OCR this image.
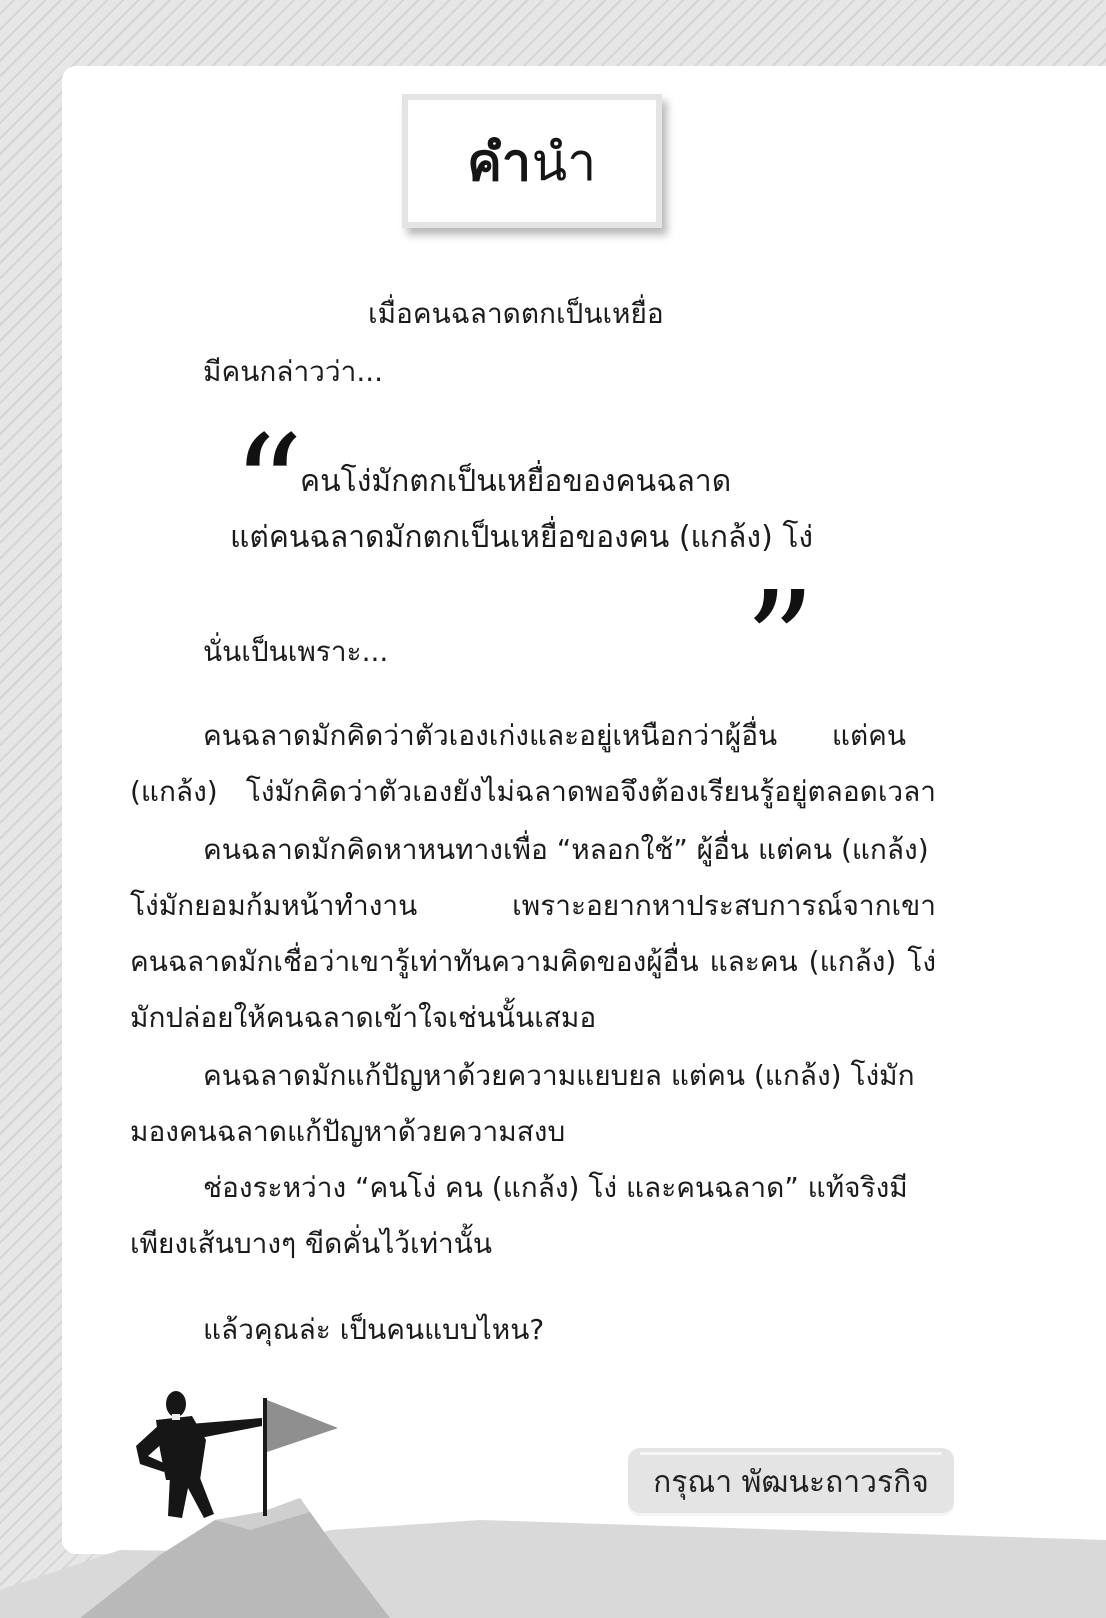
คำนำ
เมื่อคนฉลาดตกเป็นเหยื่อ
มีคนกล่าวว่า...
“
คนโง่มักตกเป็นเหยื่อของคนฉลาด
แต่คนฉลาดมักตกเป็นเหยื่อของคน (แกล้ง) โง่
”
นั่นเป็นเพราะ...
คนฉลาดมักคิดว่าตัวเองเก่งและอยู่เหนือกว่าผู้อื่น แต่คน
(แกล้ง) โง่มักคิดว่าตัวเองยังไม่ฉลาดพอจึงต้องเรียนรู้อยู่ตลอดเวลา
คนฉลาดมักคิดหาหนทางเพื่อ “หลอกใช้” ผู้อื่น แต่คน (แกล้ง)
โง่มักยอมก้มหน้าทำงาน เพราะอยากหาประสบการณ์จากเขา
คนฉลาดมักเชื่อว่าเขารู้เท่าทันความคิดของผู้อื่น และคน (แกล้ง) โง่
มักปล่อยให้คนฉลาดเข้าใจเช่นนั้นเสมอ
คนฉลาดมักแก้ปัญหาด้วยความแยบยล แต่คน (แกล้ง) โง่มัก
มองคนฉลาดแก้ปัญหาด้วยความสงบ
ช่องระหว่าง “คนโง่ คน (แกล้ง) โง่ และคนฉลาด” แท้จริงมี
เพียงเส้นบางๆ ขีดคั่นไว้เท่านั้น
แล้วคุณล่ะ เป็นคนแบบไหน?
กรุณา พัฒนะถาวรกิจ
